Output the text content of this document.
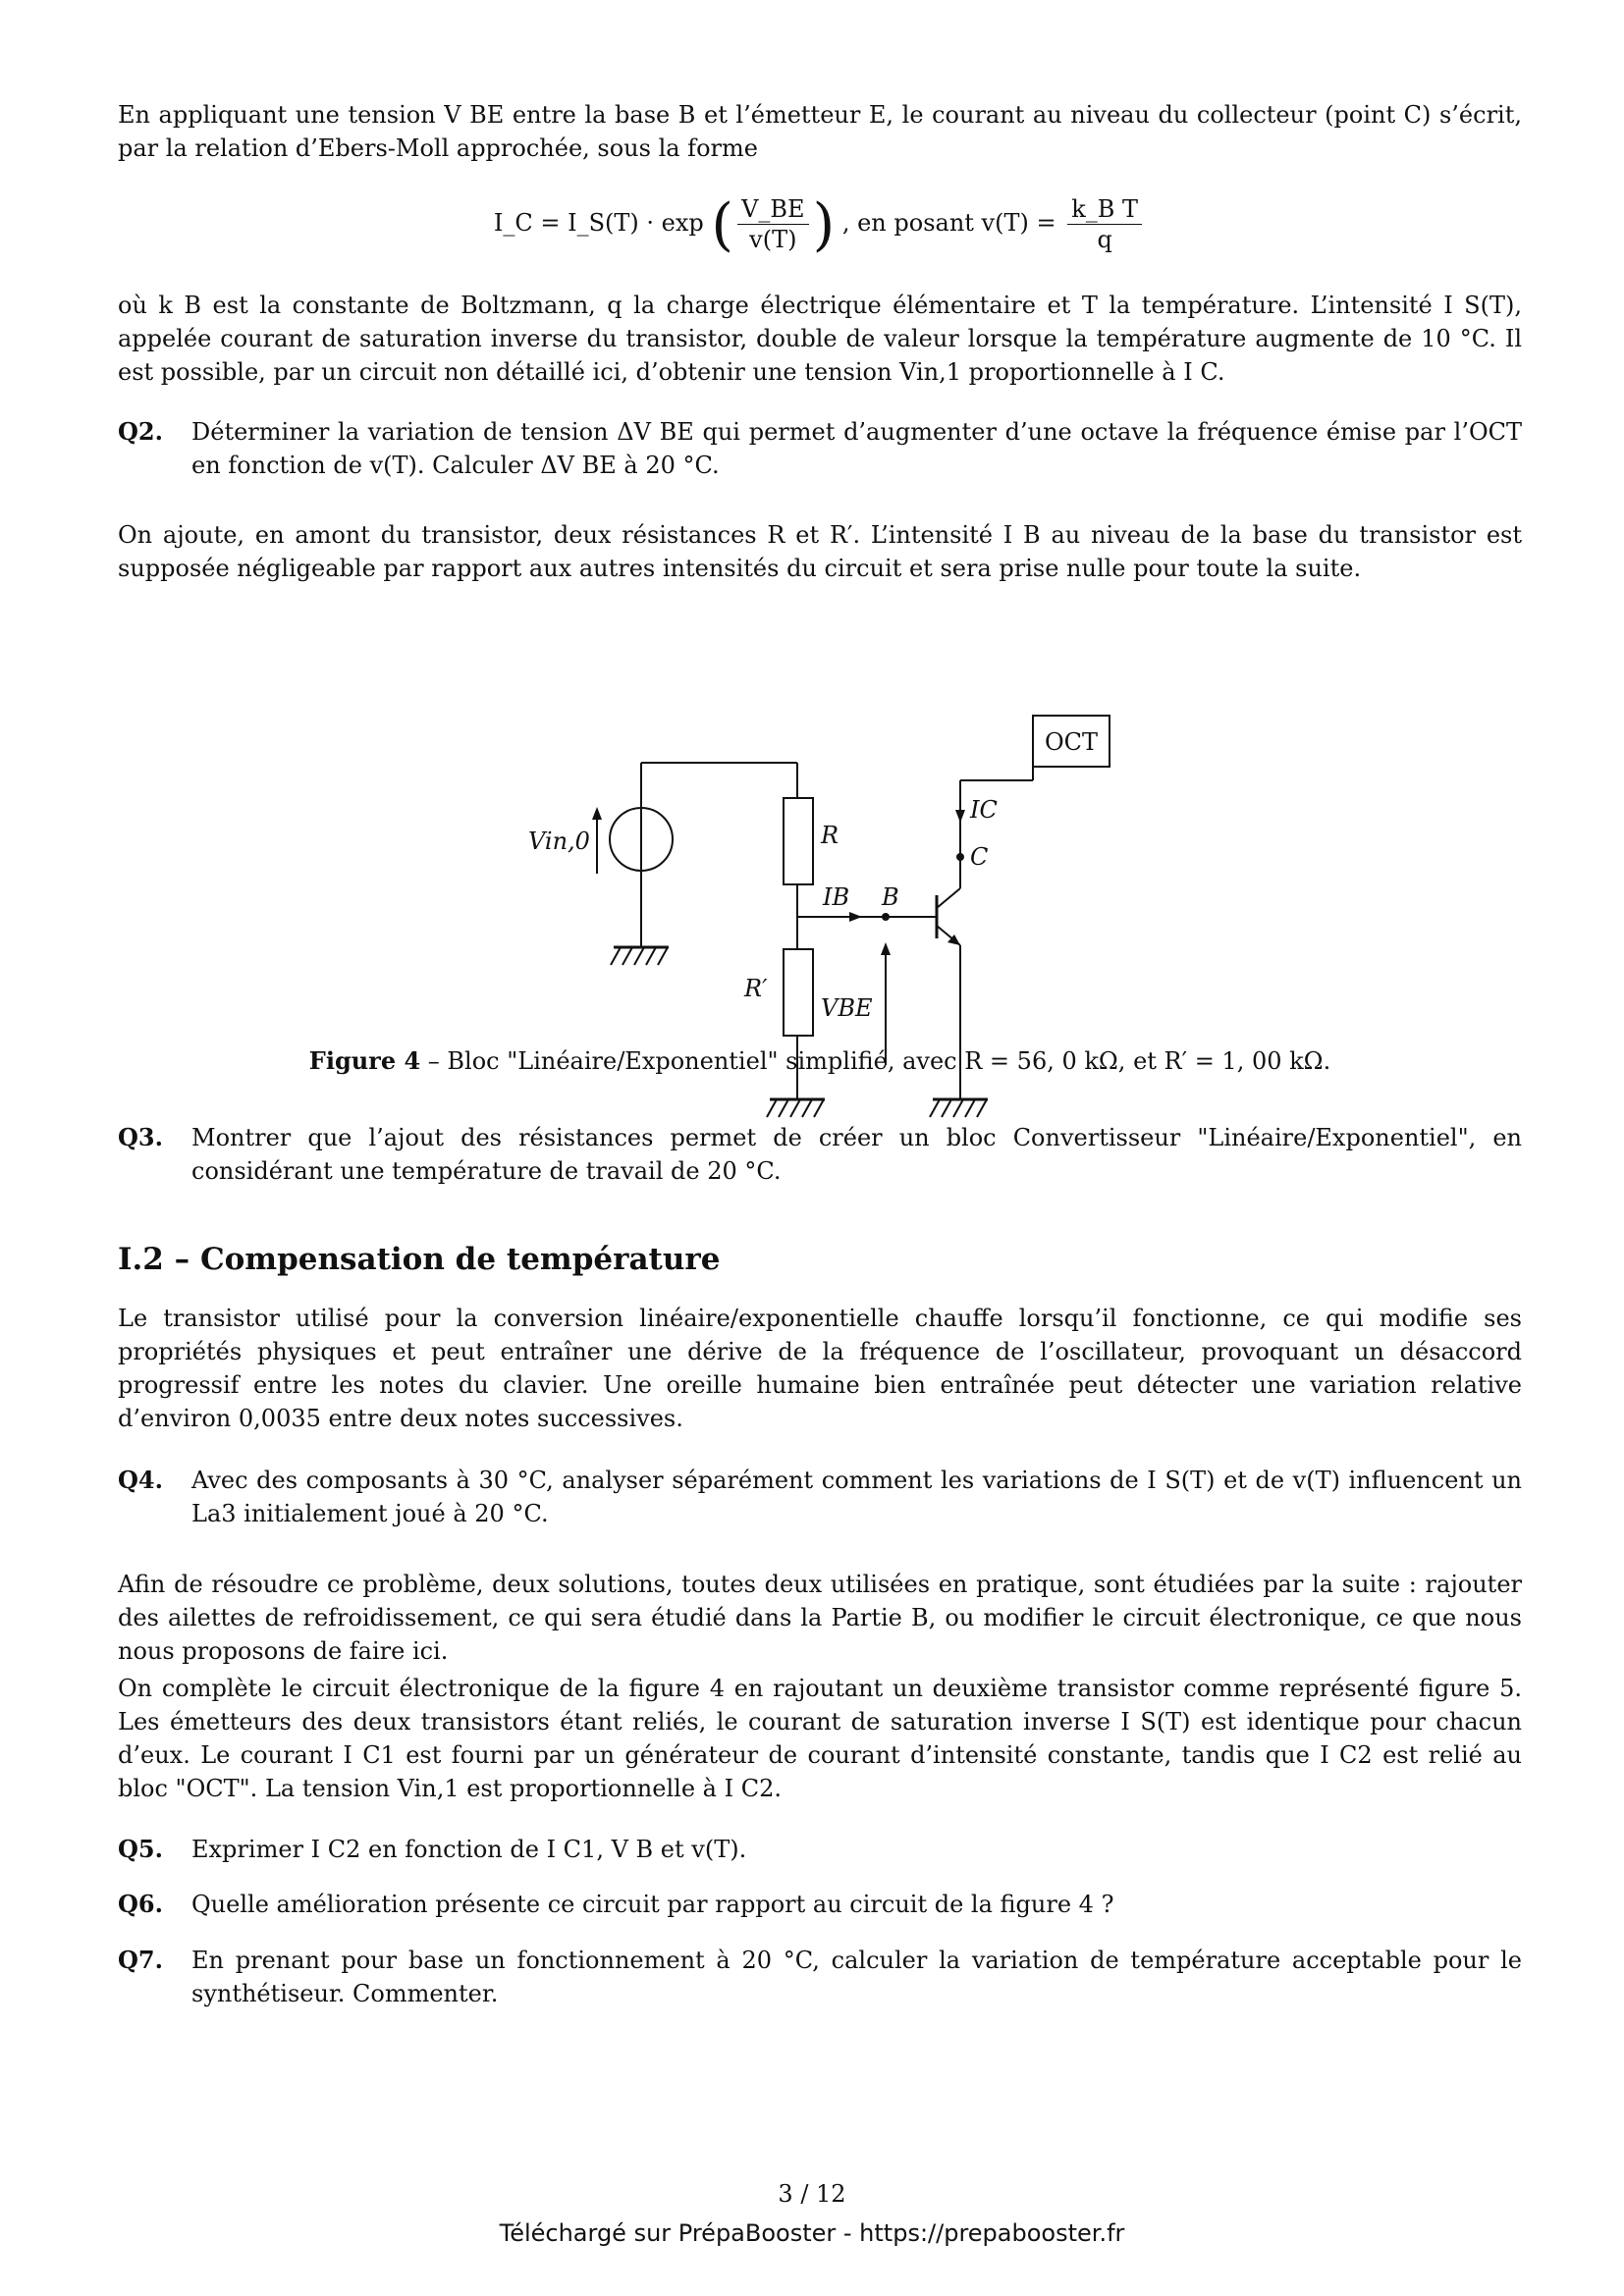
En appliquant une tension V BE entre la base B et l’émetteur E, le courant au niveau du collecteur (point C) s’écrit, par la relation d’Ebers-Moll approchée, sous la forme

I_C = I_S(T) · exp ( $\frac{V\_BE}{v(T)}$ ) , en posant $v(T) = \frac{\text{k\_B T}}{q}$

où k B est la constante de Boltzmann, q la charge électrique élémentaire et T la température. L’intensité I S(T), appelée courant de saturation inverse du transistor, double de valeur lorsque la température augmente de 10 °C. Il est possible, par un circuit non détaillé ici, d’obtenir une tension Vin,1 proportionnelle à I C.

Q2. Déterminer la variation de tension ΔV BE qui permet d’augmenter d’une octave la fréquence émise par l’OCT en fonction de v(T). Calculer ΔV BE à 20 °C.

On ajoute, en amont du transistor, deux résistances R et R′. L’intensité I B au niveau de la base du transistor est supposée négligeable par rapport aux autres intensités du circuit et sera prise nulle pour toute la suite.

OCT
Vin,0	R
R′
IC
C
IB B
VBE
Figure 4 – Bloc "Linéaire/Exponentiel" simplifié, avec R = 56, 0 kΩ, et R′ = 1, 00 kΩ.
Q3. Montrer que l’ajout des résistances permet de créer un bloc Convertisseur "Linéaire/Exponentiel", en considérant une température de travail de 20 °C.

I.2 – Compensation de température

Le transistor utilisé pour la conversion linéaire/exponentielle chauffe lorsqu’il fonctionne, ce qui modifie ses propriétés physiques et peut entraîner une dérive de la fréquence de l’oscillateur, provoquant un désaccord progressif entre les notes du clavier. Une oreille humaine bien entraînée peut détecter une variation relative d’environ 0,0035 entre deux notes successives.

Q4. Avec des composants à 30 °C, analyser séparément comment les variations de I S(T) et de v(T) influencent un La3 initialement joué à 20 °C.

Afin de résoudre ce problème, deux solutions, toutes deux utilisées en pratique, sont étudiées par la suite : rajouter des ailettes de refroidissement, ce qui sera étudié dans la Partie B, ou modifier le circuit électronique, ce que nous nous proposons de faire ici.

On complète le circuit électronique de la figure 4 en rajoutant un deuxième transistor comme représenté figure 5. Les émetteurs des deux transistors étant reliés, le courant de saturation inverse I S(T) est identique pour chacun d’eux. Le courant I C1 est fourni par un générateur de courant d’intensité constante, tandis que I C2 est relié au bloc "OCT". La tension Vin,1 est proportionnelle à I C2.

Q5. Exprimer I C2 en fonction de I C1, V B et v(T).

Q6. Quelle amélioration présente ce circuit par rapport au circuit de la figure 4 ?

Q7. En prenant pour base un fonctionnement à 20 °C, calculer la variation de température acceptable pour le synthétiseur. Commenter.

3 / 12
Téléchargé sur PrépaBooster - https://prepabooster.fr
